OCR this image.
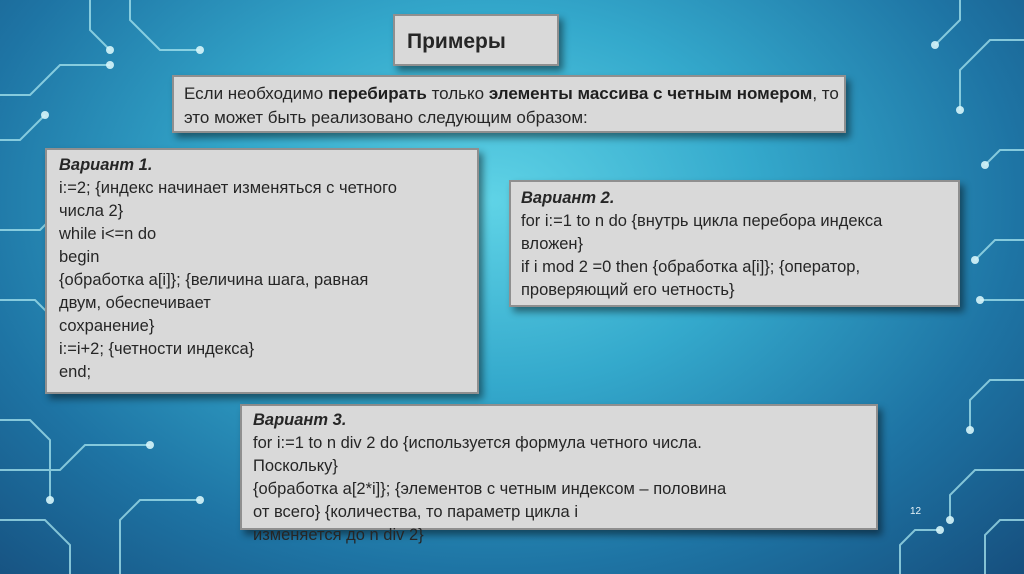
Примеры
Если необходимо перебирать только элементы массива с четным номером, то это может быть реализовано следующим образом:
Вариант 1.
i:=2; {индекс начинает изменяться с четного
числа 2}
while i<=n do
begin
{обработка a[i]}; {величина шага, равная
двум, обеспечивает
сохранение}
i:=i+2; {четности индекса}
end;
Вариант 2.
for i:=1 to n do {внутрь цикла перебора индекса
вложен}
if i mod 2 =0 then {обработка a[i]}; {оператор,
проверяющий его четность}
Вариант 3.
for i:=1 to n div 2 do {используется формула четного числа.
Поскольку}
{обработка a[2*i]}; {элементов с четным индексом – половина
от всего} {количества, то параметр цикла i
изменяется до n div 2}
12
